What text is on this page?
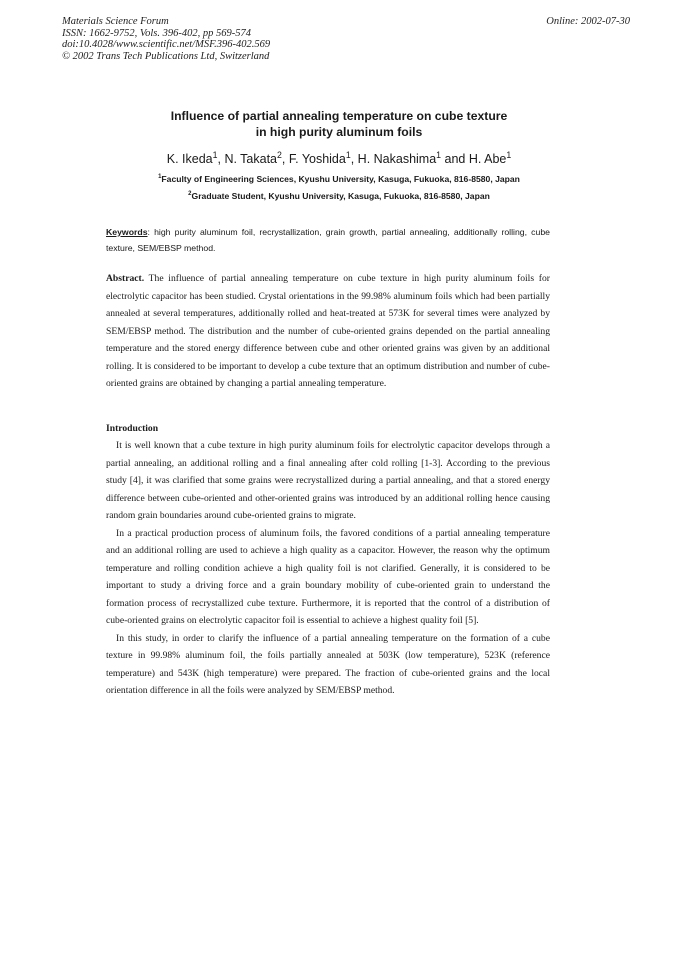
Materials Science Forum
ISSN: 1662-9752, Vols. 396-402, pp 569-574
doi:10.4028/www.scientific.net/MSF.396-402.569
© 2002 Trans Tech Publications Ltd, Switzerland
Online: 2002-07-30
Influence of partial annealing temperature on cube texture
in high purity aluminum foils
K. Ikeda$^1$, N. Takata$^2$, F. Yoshida$^1$, H. Nakashima$^1$ and H. Abe$^1$
$^1$Faculty of Engineering Sciences, Kyushu University, Kasuga, Fukuoka, 816-8580, Japan
$^2$Graduate Student, Kyushu University, Kasuga, Fukuoka, 816-8580, Japan
Keywords: high purity aluminum foil, recrystallization, grain growth, partial annealing, additionally rolling, cube texture, SEM/EBSP method.
Abstract. The influence of partial annealing temperature on cube texture in high purity aluminum foils for electrolytic capacitor has been studied. Crystal orientations in the 99.98% aluminum foils which had been partially annealed at several temperatures, additionally rolled and heat-treated at 573K for several times were analyzed by SEM/EBSP method. The distribution and the number of cube-oriented grains depended on the partial annealing temperature and the stored energy difference between cube and other oriented grains was given by an additional rolling. It is considered to be important to develop a cube texture that an optimum distribution and number of cube-oriented grains are obtained by changing a partial annealing temperature.
Introduction

It is well known that a cube texture in high purity aluminum foils for electrolytic capacitor develops through a partial annealing, an additional rolling and a final annealing after cold rolling [1-3]. According to the previous study [4], it was clarified that some grains were recrystallized during a partial annealing, and that a stored energy difference between cube-oriented and other-oriented grains was introduced by an additional rolling hence causing random grain boundaries around cube-oriented grains to migrate.

In a practical production process of aluminum foils, the favored conditions of a partial annealing temperature and an additional rolling are used to achieve a high quality as a capacitor. However, the reason why the optimum temperature and rolling condition achieve a high quality foil is not clarified. Generally, it is considered to be important to study a driving force and a grain boundary mobility of cube-oriented grain to understand the formation process of recrystallized cube texture. Furthermore, it is reported that the control of a distribution of cube-oriented grains on electrolytic capacitor foil is essential to achieve a highest quality foil [5].

In this study, in order to clarify the influence of a partial annealing temperature on the formation of a cube texture in 99.98% aluminum foil, the foils partially annealed at 503K (low temperature), 523K (reference temperature) and 543K (high temperature) were prepared. The fraction of cube-oriented grains and the local orientation difference in all the foils were analyzed by SEM/EBSP method.
